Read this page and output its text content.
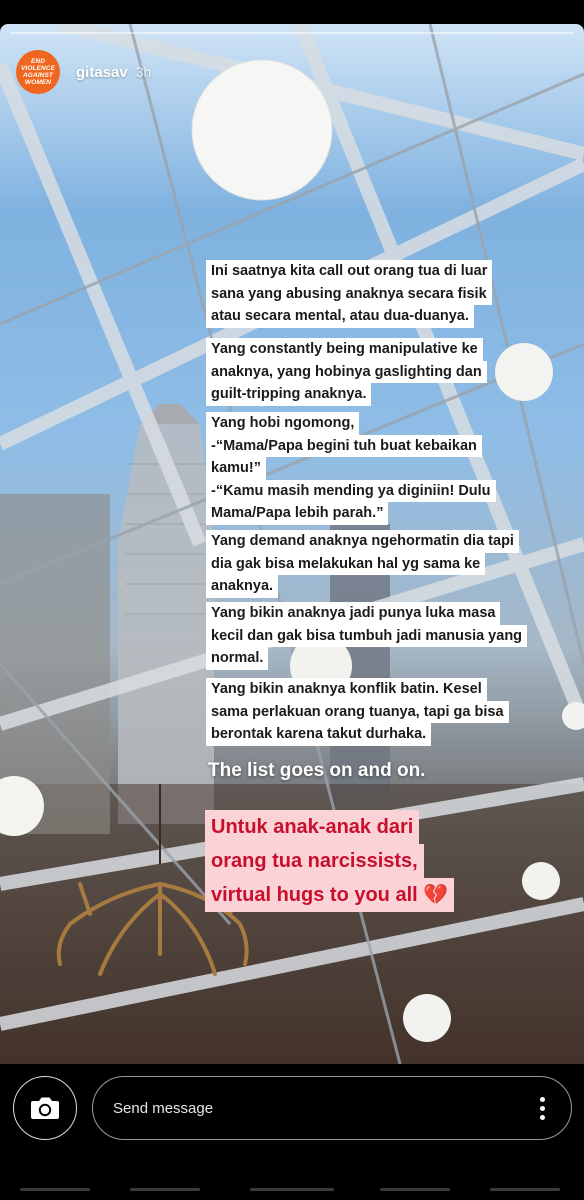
END
VIOLENCE
AGAINST
WOMEN
gitasav 3h
Ini saatnya kita call out orang tua di luar
sana yang abusing anaknya secara fisik
atau secara mental, atau dua-duanya.
Yang constantly being manipulative ke
anaknya, yang hobinya gaslighting dan
guilt-tripping anaknya.
Yang hobi ngomong,
-“Mama/Papa begini tuh buat kebaikan
kamu!”
-“Kamu masih mending ya diginiin! Dulu
Mama/Papa lebih parah.”
Yang demand anaknya ngehormatin dia tapi
dia gak bisa melakukan hal yg sama ke
anaknya.
Yang bikin anaknya jadi punya luka masa
kecil dan gak bisa tumbuh jadi manusia yang
normal.
Yang bikin anaknya konflik batin. Kesel
sama perlakuan orang tuanya, tapi ga bisa
berontak karena takut durhaka.
The list goes on and on.
Untuk anak-anak dari
orang tua narcissists,
virtual hugs to you all 💔
Send message
